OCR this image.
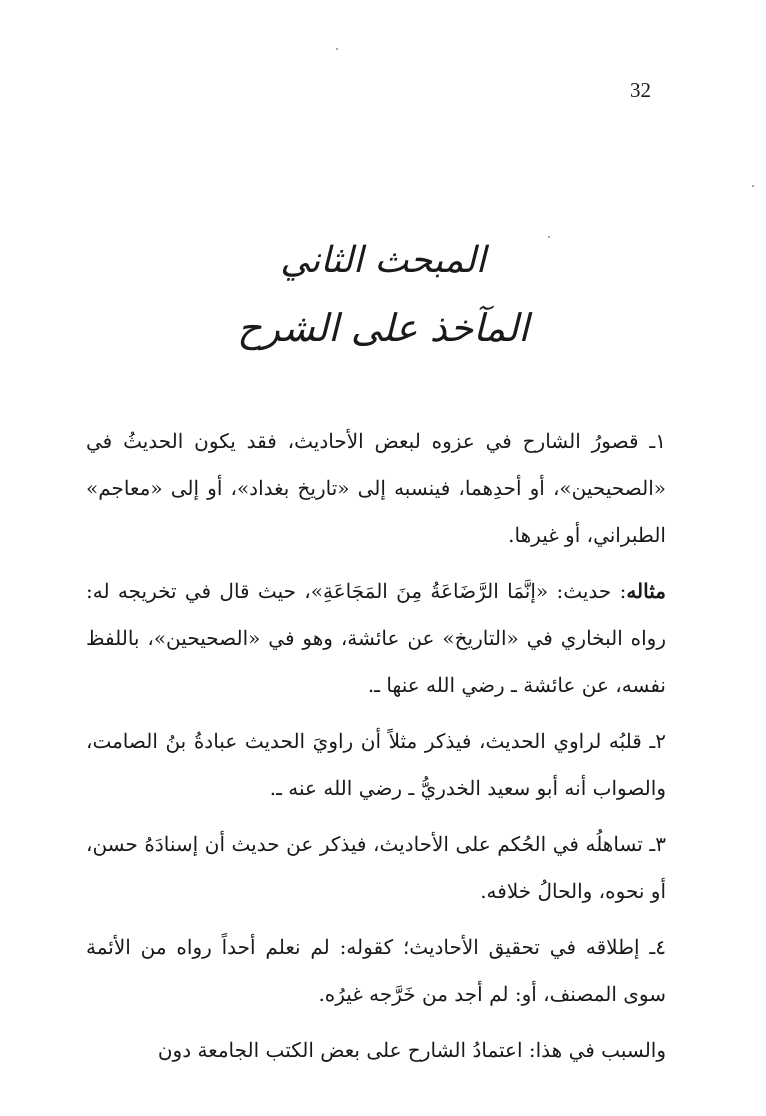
32
المبحث الثاني
المآخذ على الشرح

١ـ قصورُ الشارح في عزوه لبعض الأحاديث، فقد يكون الحديثُ في «الصحيحين»، أو أحدِهما، فينسبه إلى «تاريخ بغداد»، أو إلى «معاجم» الطبراني، أو غيرها.

مثاله: حديث: «إنَّمَا الرَّضَاعَةُ مِنَ المَجَاعَةِ»، حيث قال في تخريجه له: رواه البخاري في «التاريخ» عن عائشة، وهو في «الصحيحين»، باللفظ نفسه، عن عائشة ـ رضي الله عنها ـ.

٢ـ قلبُه لراوي الحديث، فيذكر مثلاً أن راويَ الحديث عبادةُ بنُ الصامت، والصواب أنه أبو سعيد الخدريُّ ـ رضي الله عنه ـ.

٣ـ تساهلُه في الحُكم على الأحاديث، فيذكر عن حديث أن إسنادَهُ حسن، أو نحوه، والحالُ خلافه.

٤ـ إطلاقه في تحقيق الأحاديث؛ كقوله: لم نعلم أحداً رواه من الأئمة سوى المصنف، أو: لم أجد من خَرَّجه غيرُه.

والسبب في هذا: اعتمادُ الشارح على بعض الكتب الجامعة دون
